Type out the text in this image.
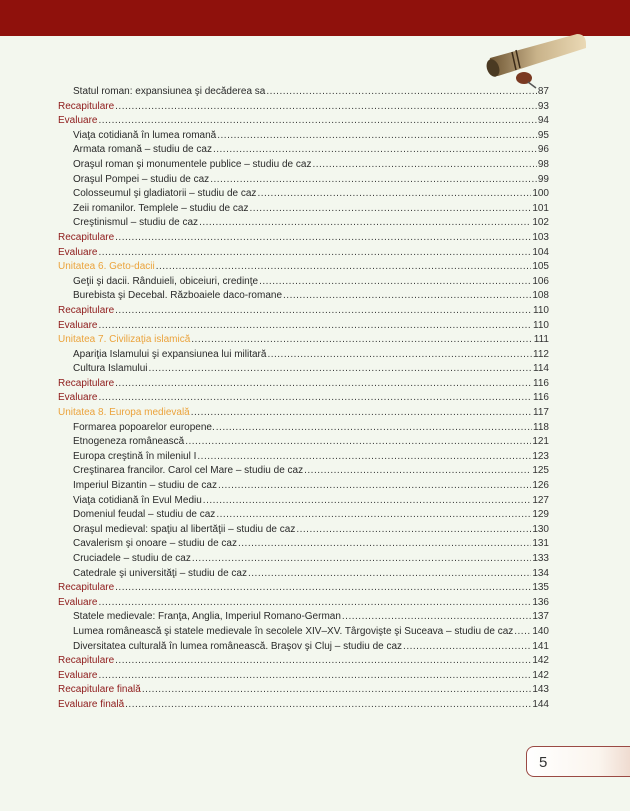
Statul roman: expansiunea şi decăderea sa .....	87
Recapitulare .....	93
Evaluare .....	94
Viaţa cotidiană în lumea romană .....	95
Armata romană – studiu de caz .....	96
Oraşul roman şi monumentele publice – studiu de caz .....	98
Oraşul Pompei – studiu de caz .....	99
Colosseumul şi gladiatorii – studiu de caz .....	100
Zeii romanilor. Templele – studiu de caz .....	101
Creştinismul – studiu de caz .....	102
Recapitulare .....	103
Evaluare .....	104
Unitatea 6. Geto-dacii .....	105
Geţii şi dacii. Rânduieli, obiceiuri, credinţe .....	106
Burebista şi Decebal. Războaiele daco-romane .....	108
Recapitulare .....	110
Evaluare .....	110
Unitatea 7. Civilizaţia islamică .....	111
Apariţia Islamului şi expansiunea lui militară .....	112
Cultura Islamului .....	114
Recapitulare .....	116
Evaluare .....	116
Unitatea 8. Europa medievală .....	117
Formarea popoarelor europene. .....	118
Etnogeneza românească .....	121
Europa creştină în mileniul I .....	123
Creştinarea francilor. Carol cel Mare – studiu de caz .....	125
Imperiul Bizantin – studiu de caz .....	126
Viaţa cotidiană în Evul Mediu .....	127
Domeniul feudal – studiu de caz .....	129
Oraşul medieval: spaţiu al libertăţii – studiu de caz .....	130
Cavalerism şi onoare – studiu de caz .....	131
Cruciadele – studiu de caz .....	133
Catedrale şi universităţi – studiu de caz .....	134
Recapitulare .....	135
Evaluare .....	136
Statele medievale: Franţa, Anglia, Imperiul Romano-German .....	137
Lumea românească şi statele medievale în secolele XIV–XV. Târgovişte şi Suceava – studiu de caz ..... 140
Diversitatea culturală în lumea românească. Braşov şi Cluj – studiu de caz .....	141
Recapitulare .....	142
Evaluare .....	142
Recapitulare finală .....	143
Evaluare finală .....	144
5
